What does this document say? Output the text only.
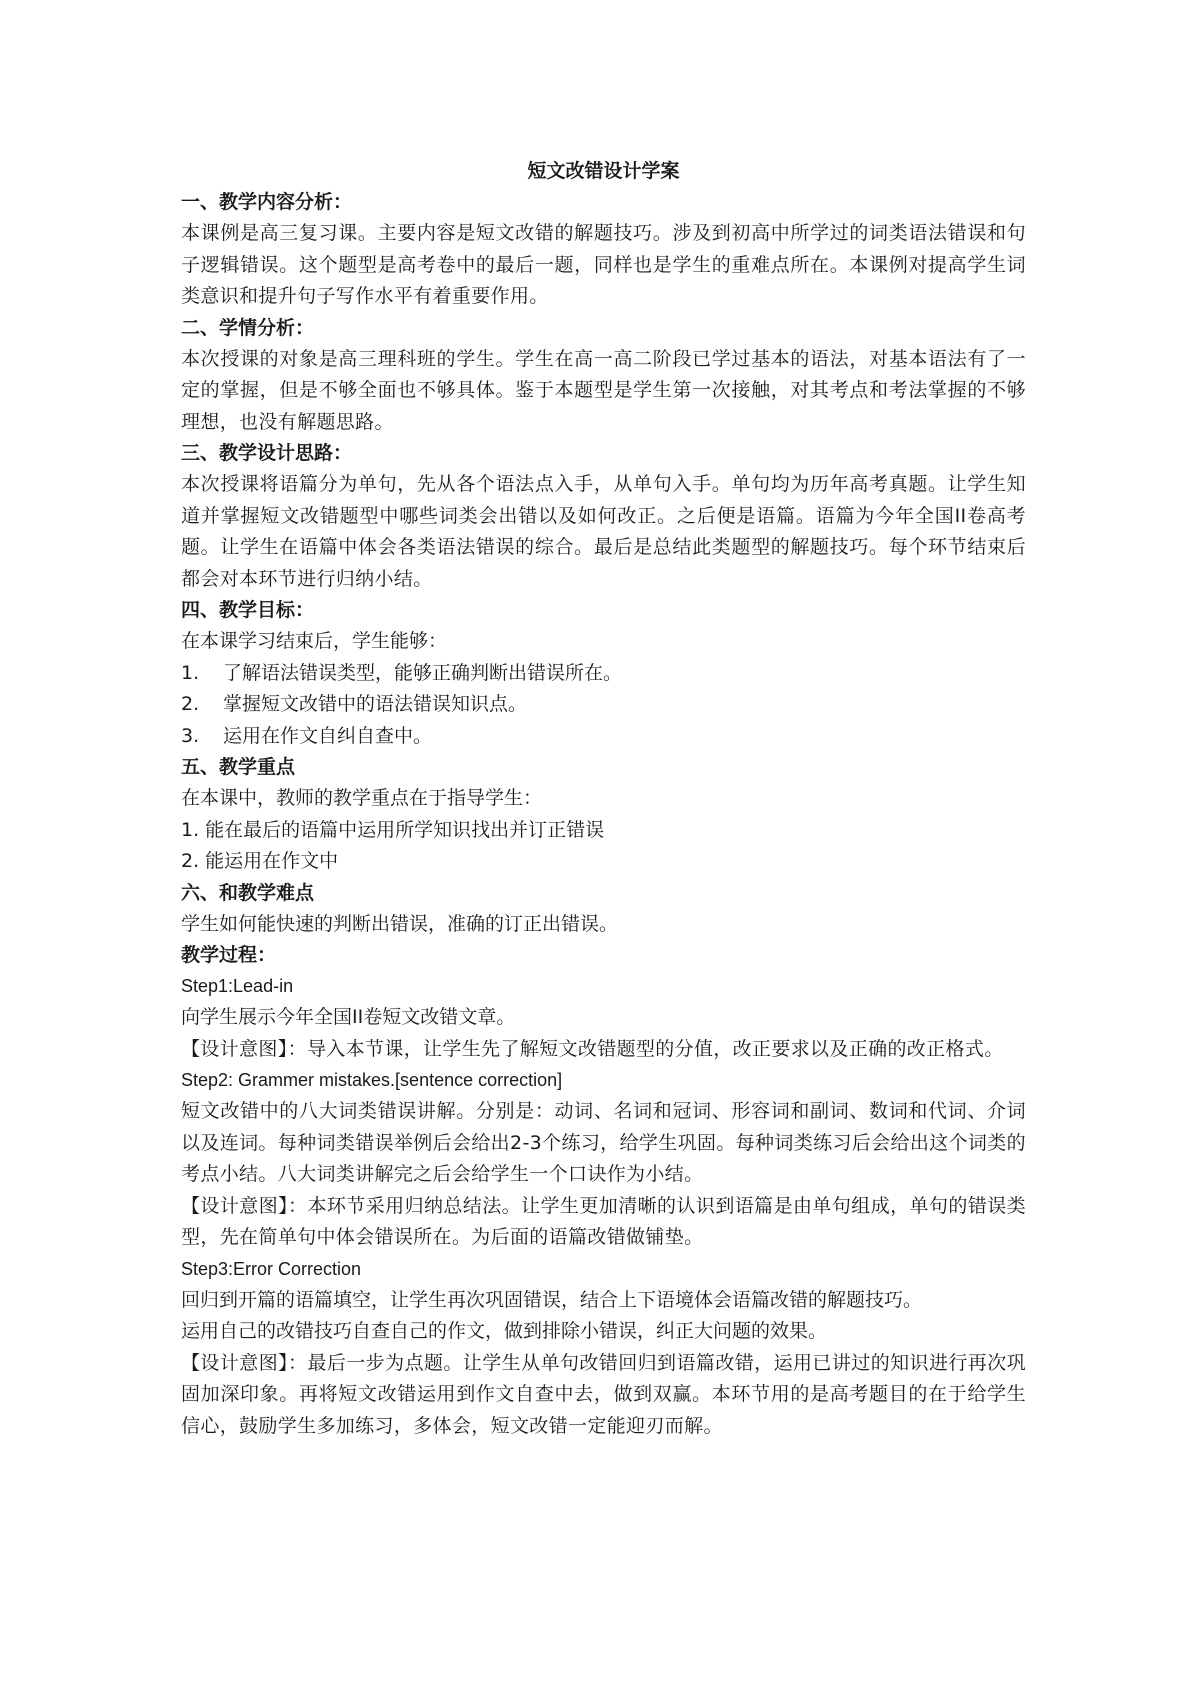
短文改错设计学案

一、教学内容分析：

本课例是高三复习课。主要内容是短文改错的解题技巧。涉及到初高中所学过的词类语法错误和句子逻辑错误。这个题型是高考卷中的最后一题，同样也是学生的重难点所在。本课例对提高学生词类意识和提升句子写作水平有着重要作用。

二、学情分析：

本次授课的对象是高三理科班的学生。学生在高一高二阶段已学过基本的语法，对基本语法有了一定的掌握，但是不够全面也不够具体。鉴于本题型是学生第一次接触，对其考点和考法掌握的不够理想，也没有解题思路。

三、教学设计思路：

本次授课将语篇分为单句，先从各个语法点入手，从单句入手。单句均为历年高考真题。让学生知道并掌握短文改错题型中哪些词类会出错以及如何改正。之后便是语篇。语篇为今年全国II卷高考题。让学生在语篇中体会各类语法错误的综合。最后是总结此类题型的解题技巧。每个环节结束后都会对本环节进行归纳小结。

四、教学目标：

在本课学习结束后，学生能够：

1.	了解语法错误类型，能够正确判断出错误所在。
2.	掌握短文改错中的语法错误知识点。
3.	运用在作文自纠自查中。

五、教学重点

在本课中，教师的教学重点在于指导学生：

1. 能在最后的语篇中运用所学知识找出并订正错误

2. 能运用在作文中

六、和教学难点

学生如何能快速的判断出错误，准确的订正出错误。

教学过程：

Step1:Lead-in

向学生展示今年全国II卷短文改错文章。

【设计意图】：导入本节课，让学生先了解短文改错题型的分值，改正要求以及正确的改正格式。

Step2: Grammer mistakes.[sentence correction]

短文改错中的八大词类错误讲解。分别是：动词、名词和冠词、形容词和副词、数词和代词、介词以及连词。每种词类错误举例后会给出2-3个练习，给学生巩固。每种词类练习后会给出这个词类的考点小结。八大词类讲解完之后会给学生一个口诀作为小结。

【设计意图】：本环节采用归纳总结法。让学生更加清晰的认识到语篇是由单句组成，单句的错误类型，先在简单句中体会错误所在。为后面的语篇改错做铺垫。

Step3:Error Correction

回归到开篇的语篇填空，让学生再次巩固错误，结合上下语境体会语篇改错的解题技巧。

运用自己的改错技巧自查自己的作文，做到排除小错误，纠正大问题的效果。

【设计意图】：最后一步为点题。让学生从单句改错回归到语篇改错，运用已讲过的知识进行再次巩固加深印象。再将短文改错运用到作文自查中去，做到双赢。本环节用的是高考题目的在于给学生信心，鼓励学生多加练习，多体会，短文改错一定能迎刃而解。
